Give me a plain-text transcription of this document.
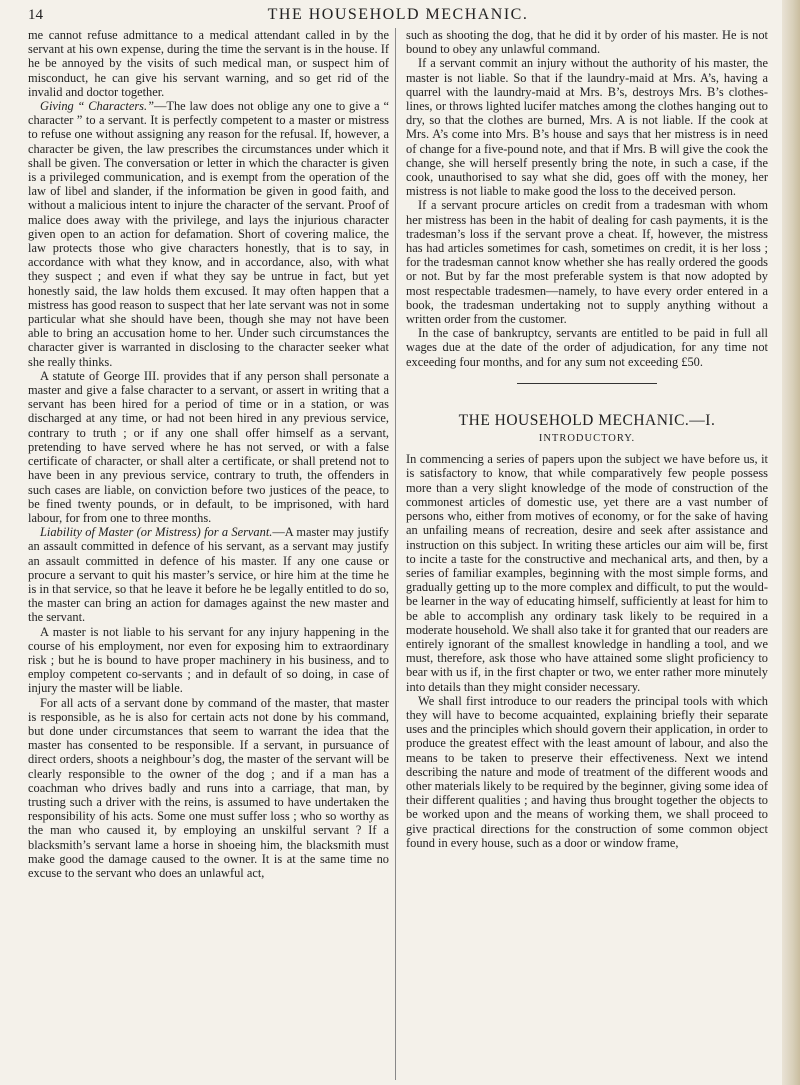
14	THE HOUSEHOLD MECHANIC.

me cannot refuse admittance to a medical attendant called in by the servant at his own expense, during the time the servant is in the house. If he be annoyed by the visits of such medical man, or suspect him of misconduct, he can give his servant warning, and so get rid of the invalid and doctor together.

Giving “ Characters.”—The law does not oblige any one to give a “ character ” to a servant. It is perfectly competent to a master or mistress to refuse one without assigning any reason for the refusal. If, however, a character be given, the law prescribes the circumstances under which it shall be given. The conversation or letter in which the character is given is a privileged communication, and is exempt from the operation of the law of libel and slander, if the information be given in good faith, and without a malicious intent to injure the character of the servant. Proof of malice does away with the privilege, and lays the injurious character given open to an action for defamation. Short of covering malice, the law protects those who give characters honestly, that is to say, in accordance with what they know, and in accordance, also, with what they suspect ; and even if what they say be untrue in fact, but yet honestly said, the law holds them excused. It may often happen that a mistress has good reason to suspect that her late servant was not in some particular what she should have been, though she may not have been able to bring an accusation home to her. Under such circumstances the character giver is warranted in disclosing to the character seeker what she really thinks.

A statute of George III. provides that if any person shall personate a master and give a false character to a servant, or assert in writing that a servant has been hired for a period of time or in a station, or was discharged at any time, or had not been hired in any previous service, contrary to truth ; or if any one shall offer himself as a servant, pretending to have served where he has not served, or with a false certificate of character, or shall alter a certificate, or shall pretend not to have been in any previous service, contrary to truth, the offenders in such cases are liable, on conviction before two justices of the peace, to be fined twenty pounds, or in default, to be imprisoned, with hard labour, for from one to three months.

Liability of Master (or Mistress) for a Servant.—A master may justify an assault committed in defence of his servant, as a servant may justify an assault committed in defence of his master. If any one cause or procure a servant to quit his master’s service, or hire him at the time he is in that service, so that he leave it before he be legally entitled to do so, the master can bring an action for damages against the new master and the servant.

A master is not liable to his servant for any injury happening in the course of his employment, nor even for exposing him to extraordinary risk ; but he is bound to have proper machinery in his business, and to employ competent co-servants ; and in default of so doing, in case of injury the master will be liable.

For all acts of a servant done by command of the master, that master is responsible, as he is also for certain acts not done by his command, but done under circumstances that seem to warrant the idea that the master has consented to be responsible. If a servant, in pursuance of direct orders, shoots a neighbour’s dog, the master of the servant will be clearly responsible to the owner of the dog ; and if a man has a coachman who drives badly and runs into a carriage, that man, by trusting such a driver with the reins, is assumed to have undertaken the responsibility of his acts. Some one must suffer loss ; who so worthy as the man who caused it, by employing an unskilful servant ? If a blacksmith’s servant lame a horse in shoeing him, the blacksmith must make good the damage caused to the owner. It is at the same time no excuse to the servant who does an unlawful act,

such as shooting the dog, that he did it by order of his master. He is not bound to obey any unlawful command.

If a servant commit an injury without the authority of his master, the master is not liable. So that if the laundry-maid at Mrs. A’s, having a quarrel with the laundry-maid at Mrs. B’s, destroys Mrs. B’s clothes-lines, or throws lighted lucifer matches among the clothes hanging out to dry, so that the clothes are burned, Mrs. A is not liable. If the cook at Mrs. A’s come into Mrs. B’s house and says that her mistress is in need of change for a five-pound note, and that if Mrs. B will give the cook the change, she will herself presently bring the note, in such a case, if the cook, unauthorised to say what she did, goes off with the money, her mistress is not liable to make good the loss to the deceived person.

If a servant procure articles on credit from a tradesman with whom her mistress has been in the habit of dealing for cash payments, it is the tradesman’s loss if the servant prove a cheat. If, however, the mistress has had articles sometimes for cash, sometimes on credit, it is her loss ; for the tradesman cannot know whether she has really ordered the goods or not. But by far the most preferable system is that now adopted by most respectable tradesmen—namely, to have every order entered in a book, the tradesman undertaking not to supply anything without a written order from the customer.

In the case of bankruptcy, servants are entitled to be paid in full all wages due at the date of the order of adjudication, for any time not exceeding four months, and for any sum not exceeding £50.

THE HOUSEHOLD MECHANIC.—I.
INTRODUCTORY.

In commencing a series of papers upon the subject we have before us, it is satisfactory to know, that while comparatively few people possess more than a very slight knowledge of the mode of construction of the commonest articles of domestic use, yet there are a vast number of persons who, either from motives of economy, or for the sake of having an unfailing means of recreation, desire and seek after assistance and instruction on this subject. In writing these articles our aim will be, first to incite a taste for the constructive and mechanical arts, and then, by a series of familiar examples, beginning with the most simple forms, and gradually getting up to the more complex and difficult, to put the would-be learner in the way of educating himself, sufficiently at least for him to be able to accomplish any ordinary task likely to be required in a moderate household. We shall also take it for granted that our readers are entirely ignorant of the smallest knowledge in handling a tool, and we must, therefore, ask those who have attained some slight proficiency to bear with us if, in the first chapter or two, we enter rather more minutely into details than they might consider necessary.

We shall first introduce to our readers the principal tools with which they will have to become acquainted, explaining briefly their separate uses and the principles which should govern their application, in order to produce the greatest effect with the least amount of labour, and also the means to be taken to preserve their effectiveness. Next we intend describing the nature and mode of treatment of the different woods and other materials likely to be required by the beginner, giving some idea of their different qualities ; and having thus brought together the objects to be worked upon and the means of working them, we shall proceed to give practical directions for the construction of some common object found in every house, such as a door or window frame,
